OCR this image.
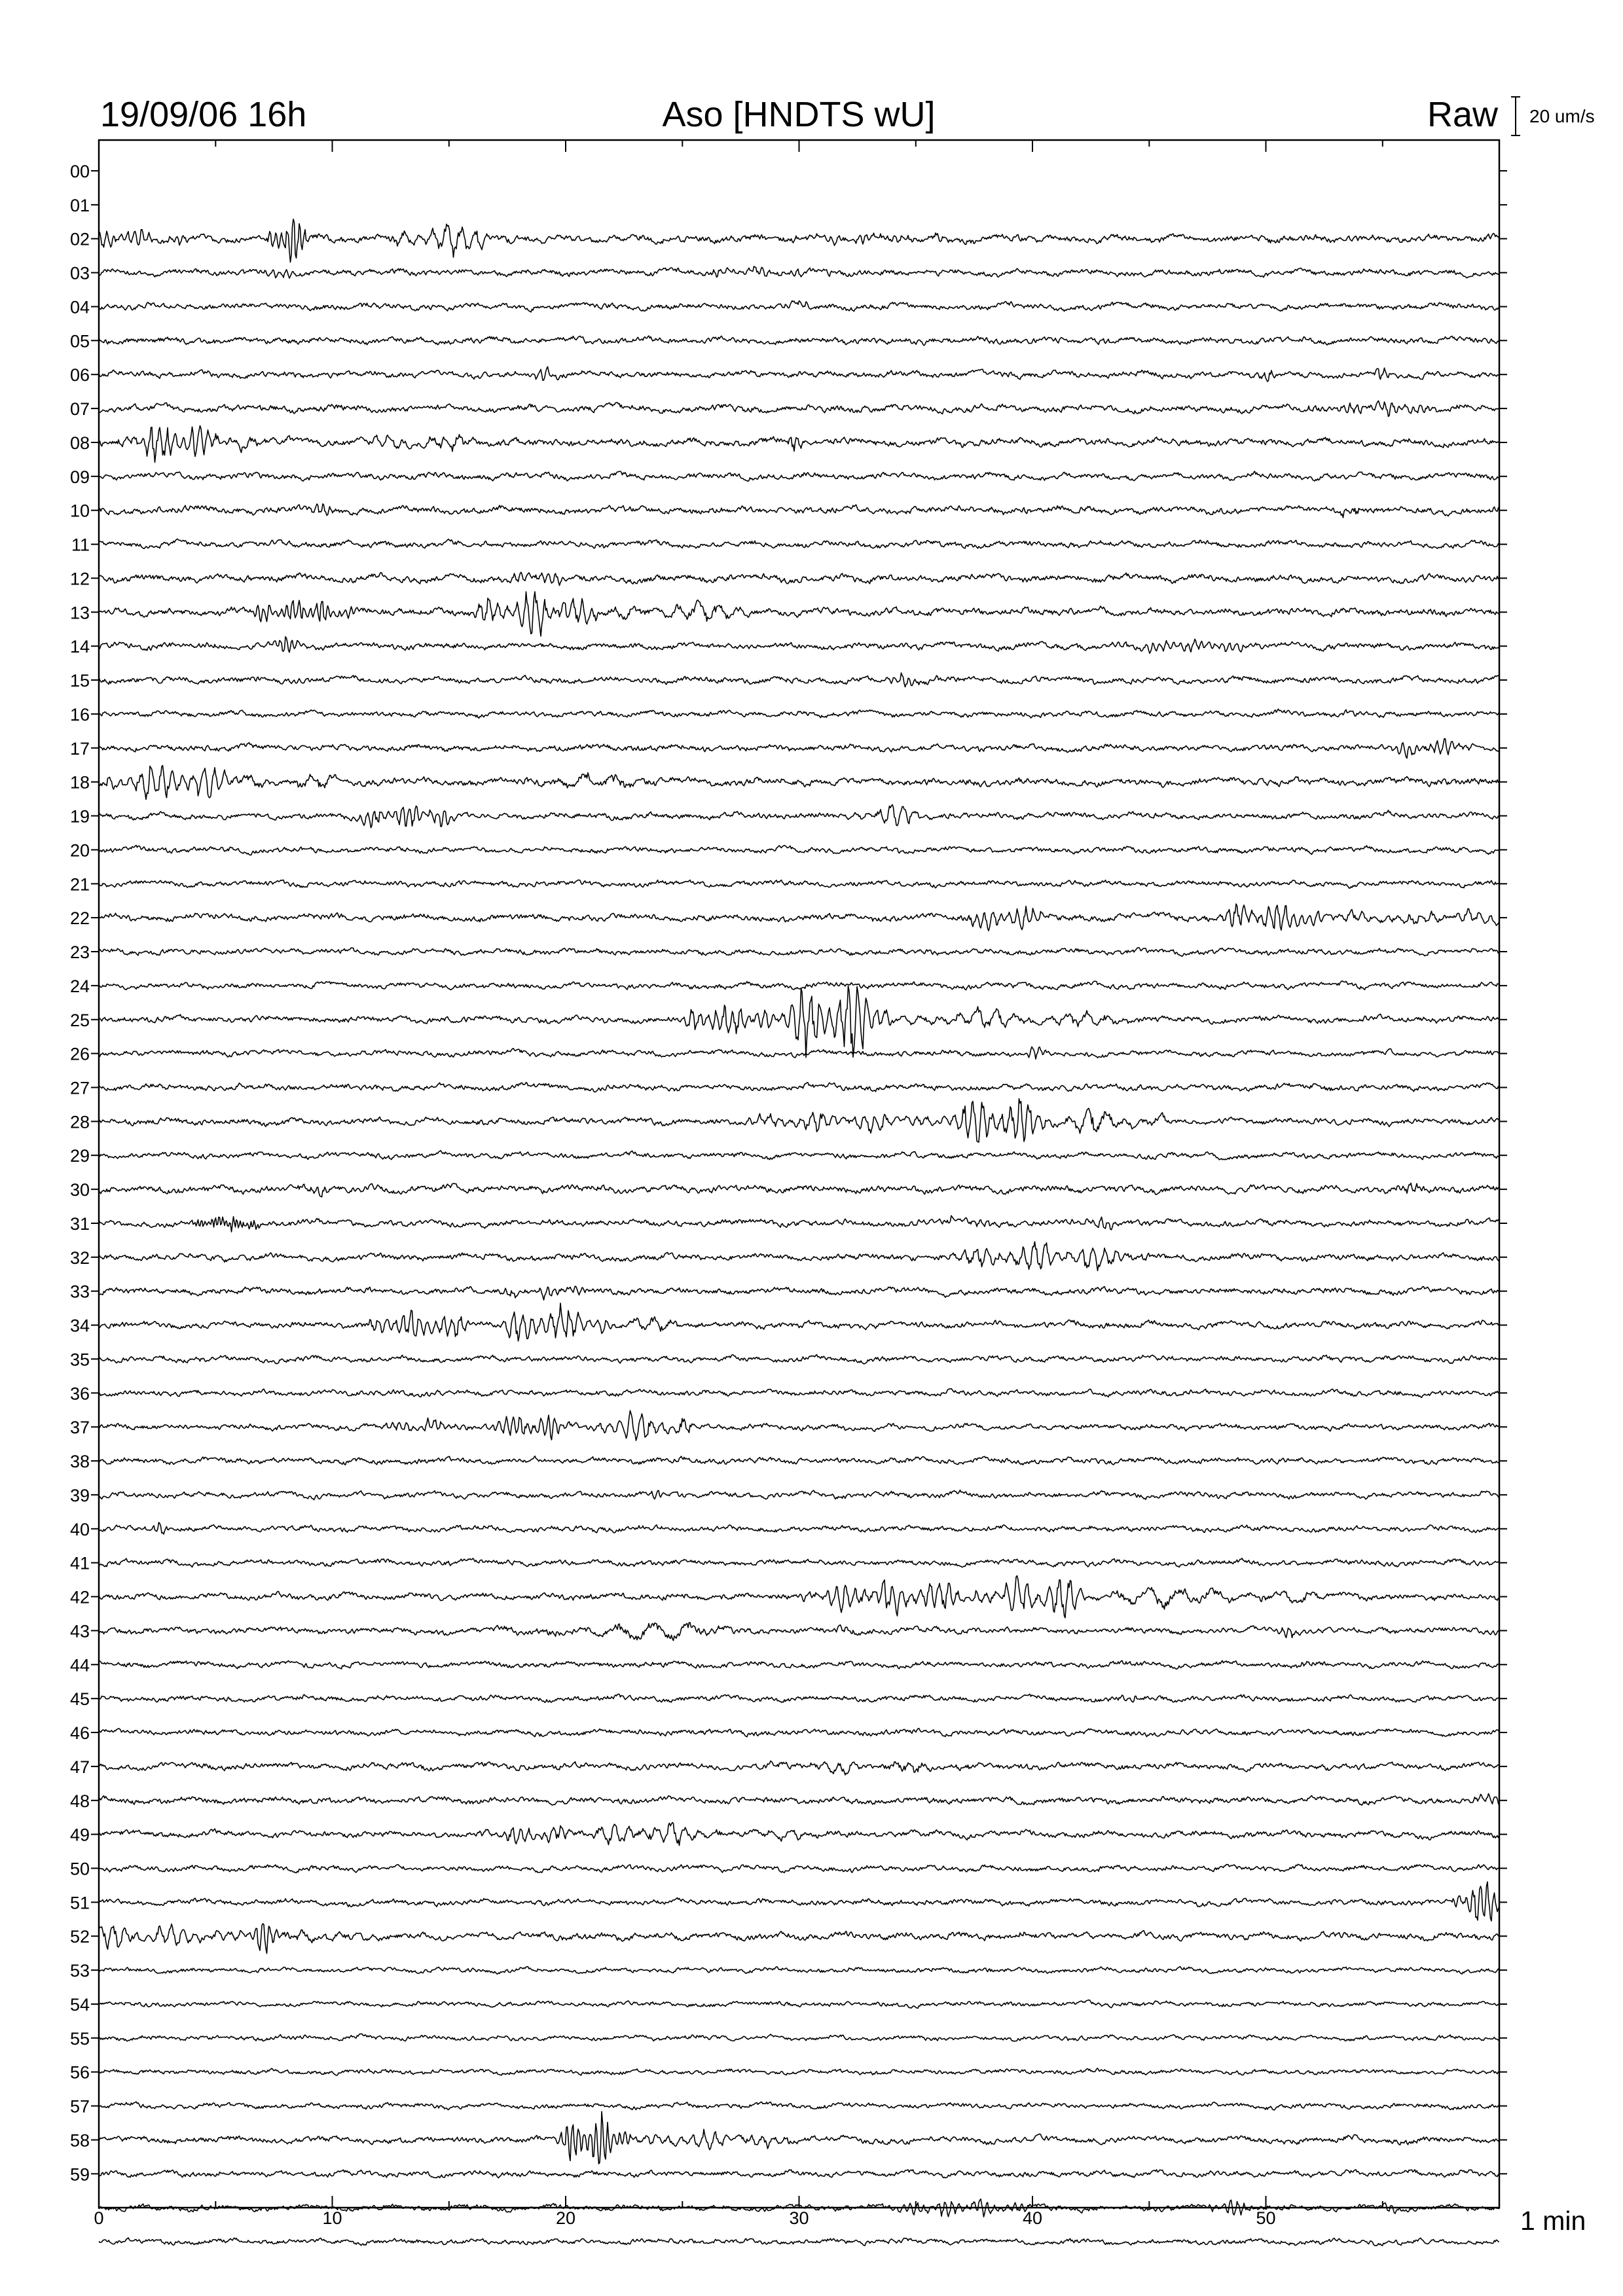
19/09/06 16h	Aso [HNDTS wU]	Raw 20 um/s
00
01
02
03
04
05
06
07
08
09
10
11
12
13
14
15
16
17
18
19
20
21
22
23
24
25
26
27
28
29
30
31
32
33
34
35
36
37
38
39
40
41
42
43
44
45
46
47
48
49
50
51
52
53
54
55
56
57
58
59
0	10	20	30	40	50	1 min
